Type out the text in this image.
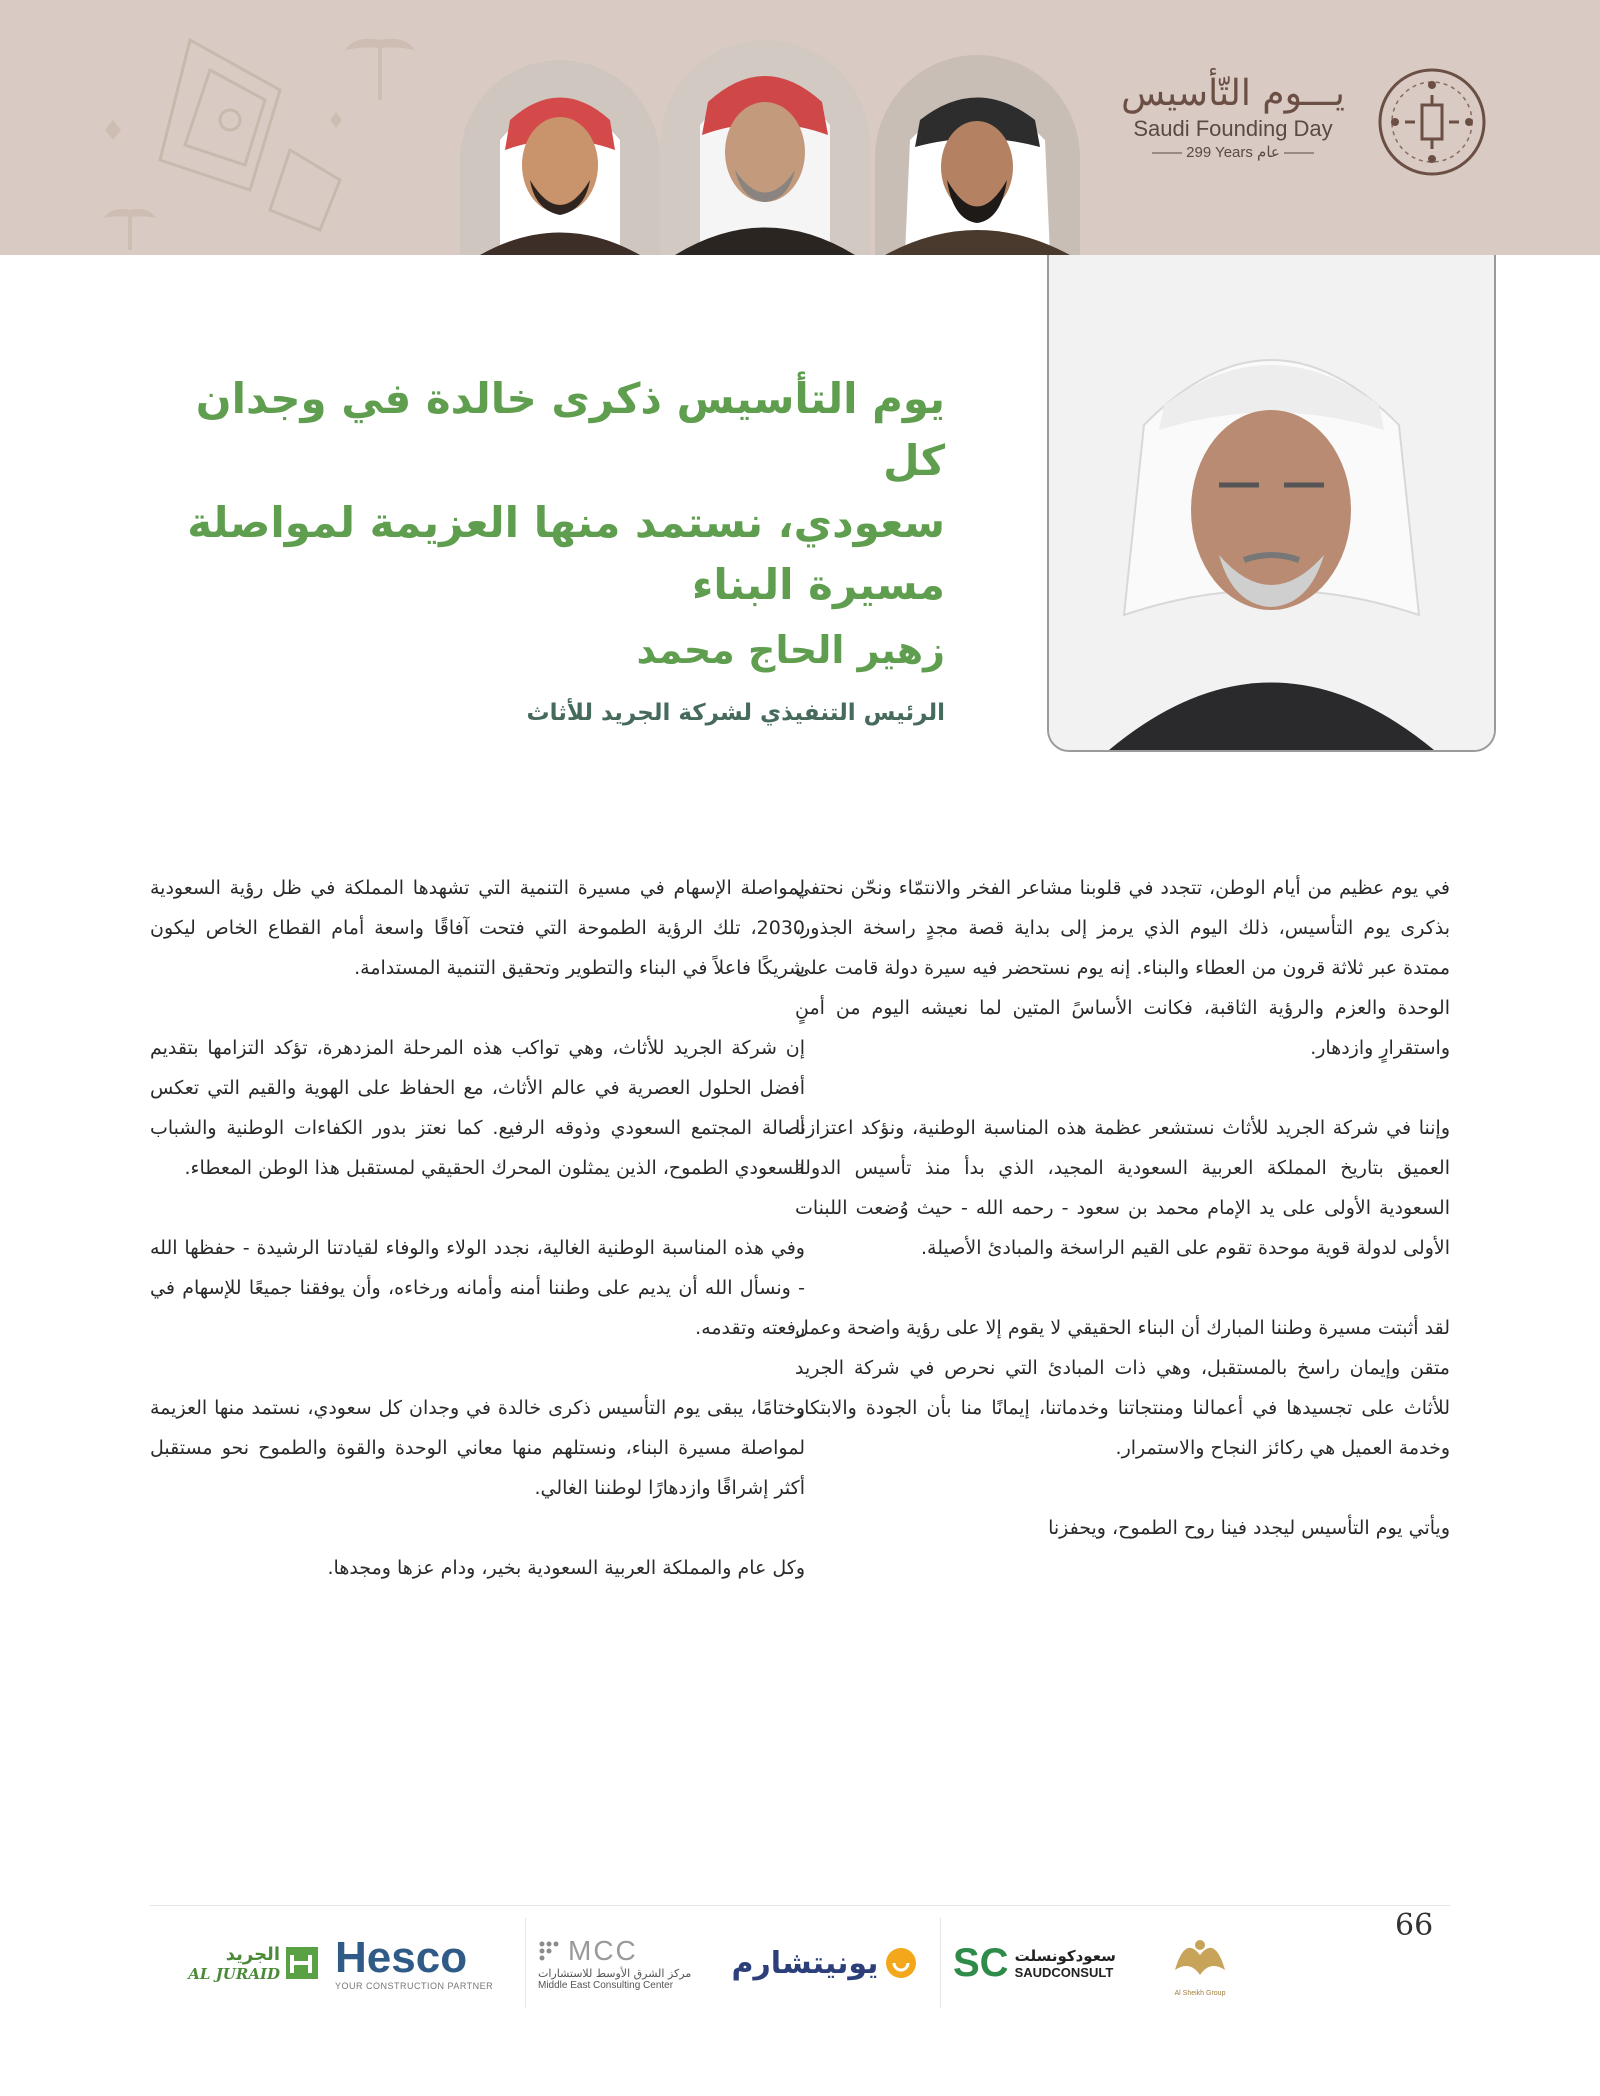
يـــوم التّأسيس
Saudi Founding Day
—— 299 Years عام ——
يوم التأسيس ذكرى خالدة في وجدان كل
سعودي، نستمد منها العزيمة لمواصلة
مسيرة البناء
زهير الحاج محمد
الرئيس التنفيذي لشركة الجريد للأثاث

في يوم عظيم من أيام الوطن، تتجدد في قلوبنا مشاعر الفخر والانتمّاء ونحّن نحتفي بذكرى يوم التأسيس، ذلك اليوم الذي يرمز إلى بداية قصة مجدٍ راسخة الجذور، ممتدة عبر ثلاثة قرون من العطاء والبناء. إنه يوم نستحضر فيه سيرة دولة قامت على الوحدة والعزم والرؤية الثاقبة، فكانت الأساسً المتين لما نعيشه اليوم من أمنٍ واستقرارٍ وازدهار.

وإننا في شركة الجريد للأثاث نستشعر عظمة هذه المناسبة الوطنية، ونؤكد اعتزازنا العميق بتاريخ المملكة العربية السعودية المجيد، الذي بدأ منذ تأسيس الدولة السعودية الأولى على يد الإمام محمد بن سعود - رحمه الله - حيث وُضعت اللبنات الأولى لدولة قوية موحدة تقوم على القيم الراسخة والمبادئ الأصيلة.

لقد أثبتت مسيرة وطننا المبارك أن البناء الحقيقي لا يقوم إلا على رؤية واضحة وعمل متقن وإيمان راسخ بالمستقبل، وهي ذات المبادئ التي نحرص في شركة الجريد للأثاث على تجسيدها في أعمالنا ومنتجاتنا وخدماتنا، إيمانًا منا بأن الجودة والابتكار وخدمة العميل هي ركائز النجاح والاستمرار.

ويأتي يوم التأسيس ليجدد فينا روح الطموح، ويحفزنا

لمواصلة الإسهام في مسيرة التنمية التي تشهدها المملكة في ظل رؤية السعودية 2030، تلك الرؤية الطموحة التي فتحت آفاقًا واسعة أمام القطاع الخاص ليكون شريكًا فاعلاً في البناء والتطوير وتحقيق التنمية المستدامة.

إن شركة الجريد للأثاث، وهي تواكب هذه المرحلة المزدهرة، تؤكد التزامها بتقديم أفضل الحلول العصرية في عالم الأثاث، مع الحفاظ على الهوية والقيم التي تعكس أصالة المجتمع السعودي وذوقه الرفيع. كما نعتز بدور الكفاءات الوطنية والشباب السعودي الطموح، الذين يمثلون المحرك الحقيقي لمستقبل هذا الوطن المعطاء.

وفي هذه المناسبة الوطنية الغالية، نجدد الولاء والوفاء لقيادتنا الرشيدة - حفظها الله - ونسأل الله أن يديم على وطننا أمنه وأمانه ورخاءه، وأن يوفقنا جميعًا للإسهام في رفعته وتقدمه.

وختامًا، يبقى يوم التأسيس ذكرى خالدة في وجدان كل سعودي، نستمد منها العزيمة لمواصلة مسيرة البناء، ونستلهم منها معاني الوحدة والقوة والطموح نحو مستقبل أكثر إشراقًا وازدهارًا لوطننا الغالي.

وكل عام والمملكة العربية السعودية بخير، ودام عزها ومجدها.

66
الجريد
AL JURAID Hesco
YOUR CONSTRUCTION PARTNER
MCC
مركز الشرق الأوسط للاستشارات
Middle East Consulting Center
يونيتشارم SC سعودكونسلت
SAUDCONSULT
Al Sheikh Group
